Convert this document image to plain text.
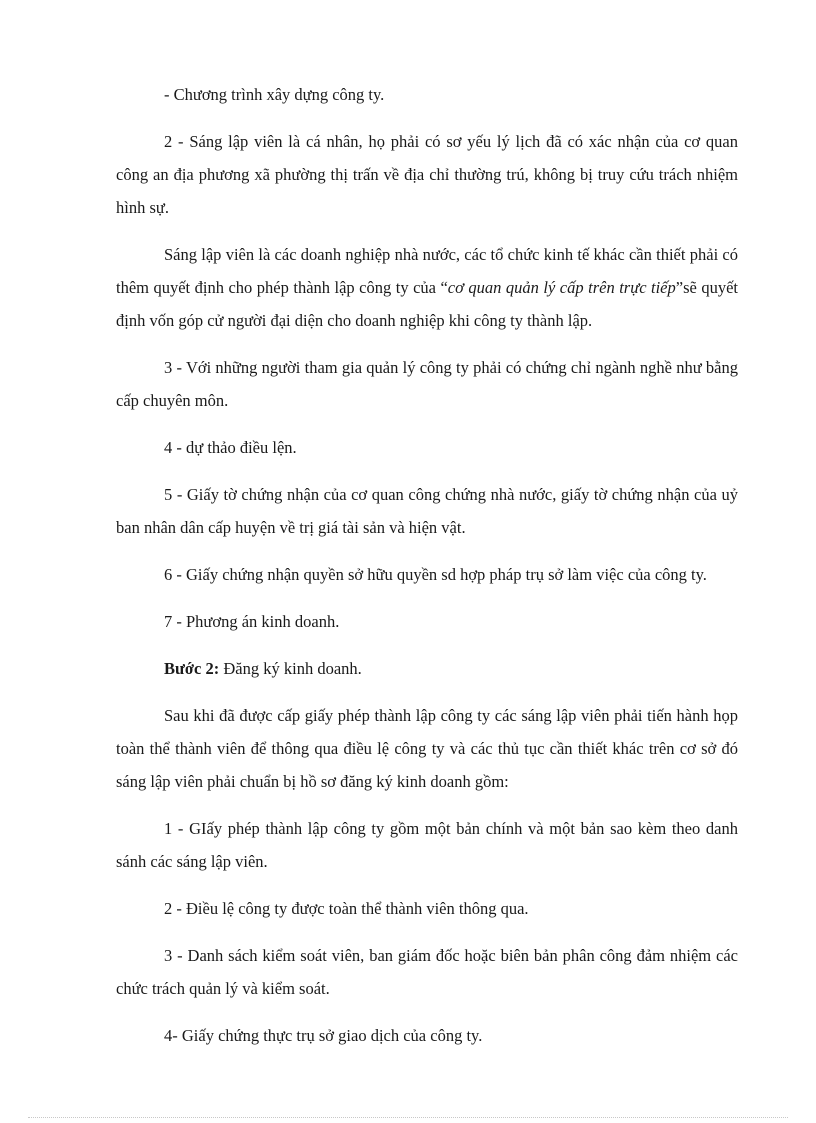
- Chương trình xây dựng công ty.

2 - Sáng lập viên là cá nhân, họ phải có sơ yếu lý lịch đã có xác nhận của cơ quan công an địa phương xã phường thị trấn về địa chỉ thường trú, không bị truy cứu trách nhiệm hình sự.

Sáng lập viên là các doanh nghiệp nhà nước, các tổ chức kinh tế khác cần thiết phải có thêm quyết định cho phép thành lập công ty của “cơ quan quản lý cấp trên trực tiếp”sẽ quyết định vốn góp cử người đại diện cho doanh nghiệp khi công ty thành lập.

3 - Với những người tham gia quản lý công ty phải có chứng chỉ ngành nghề như bằng cấp chuyên môn.

4 - dự thảo điều lện.

5 - Giấy tờ chứng nhận của cơ quan công chứng nhà nước, giấy tờ chứng nhận của uỷ ban nhân dân cấp huyện về trị giá tài sản và hiện vật.

6 - Giấy chứng nhận quyền sở hữu quyền sd hợp pháp trụ sở làm việc của công ty.

7 - Phương án kinh doanh.

Bước 2: Đăng ký kinh doanh.

Sau khi đã được cấp giấy phép thành lập công ty các sáng lập viên phải tiến hành họp toàn thể thành viên để thông qua điều lệ công ty và các thủ tục cần thiết khác trên cơ sở đó sáng lập viên phải chuẩn bị hồ sơ đăng ký kinh doanh gồm:

1 - GIấy phép thành lập công ty gồm một bản chính và một bản sao kèm theo danh sánh các sáng lập viên.

2 - Điều lệ công ty được toàn thể thành viên thông qua.

3 - Danh sách kiểm soát viên, ban giám đốc hoặc biên bản phân công đảm nhiệm các chức trách quản lý và kiểm soát.

4- Giấy chứng thực trụ sở giao dịch của công ty.
